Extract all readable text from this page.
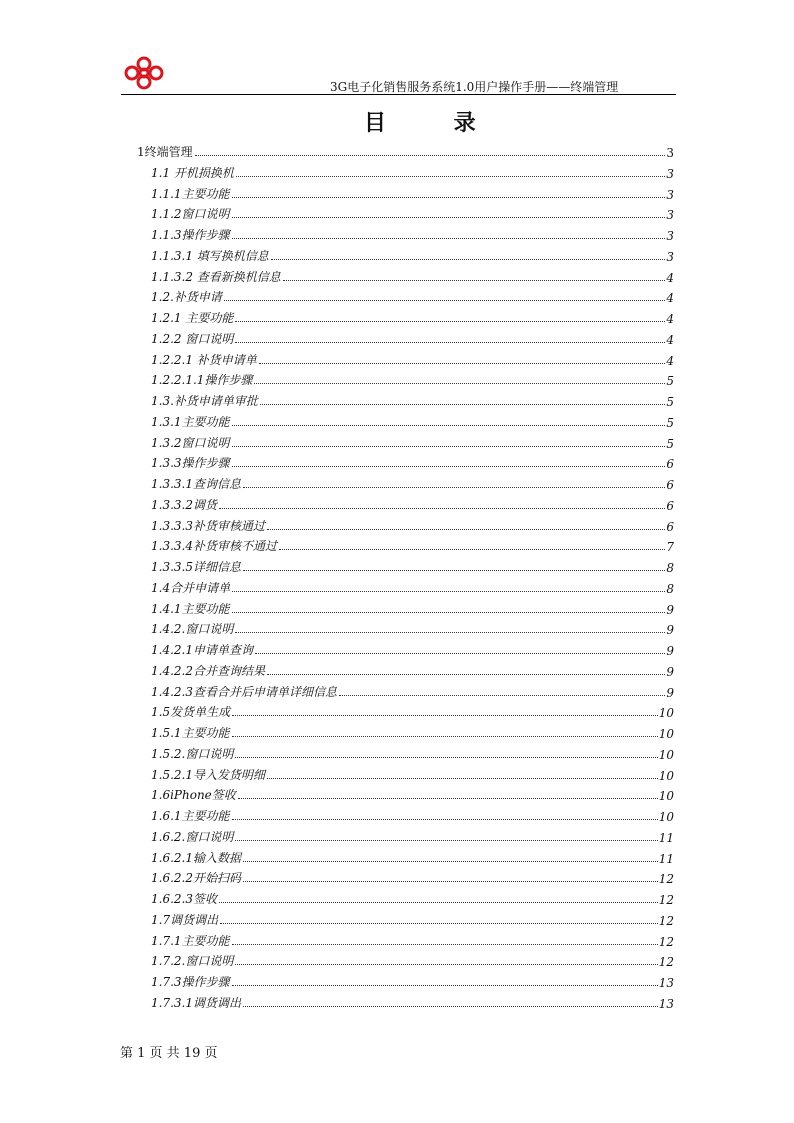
3G电子化销售服务系统1.0用户操作手册——终端管理
目 录
1终端管理	3
1.1 开机损换机	3
1.1.1主要功能	3
1.1.2窗口说明	3
1.1.3操作步骤	3
1.1.3.1 填写换机信息	3
1.1.3.2 查看新换机信息	4
1.2.补货申请	4
1.2.1 主要功能	4
1.2.2 窗口说明	4
1.2.2.1 补货申请单	4
1.2.2.1.1操作步骤	5
1.3.补货申请单审批	5
1.3.1主要功能	5
1.3.2窗口说明	5
1.3.3操作步骤	6
1.3.3.1查询信息	6
1.3.3.2调货	6
1.3.3.3补货审核通过	6
1.3.3.4补货审核不通过	7
1.3.3.5详细信息	8
1.4合并申请单	8
1.4.1主要功能	9
1.4.2.窗口说明	9
1.4.2.1申请单查询	9
1.4.2.2合并查询结果	9
1.4.2.3查看合并后申请单详细信息	9
1.5发货单生成	10
1.5.1主要功能	10
1.5.2.窗口说明	10
1.5.2.1导入发货明细	10
1.6iPhone签收	10
1.6.1主要功能	10
1.6.2.窗口说明	11
1.6.2.1输入数据	11
1.6.2.2开始扫码	12
1.6.2.3签收	12
1.7调货调出	12
1.7.1主要功能	12
1.7.2.窗口说明	12
1.7.3操作步骤	13
1.7.3.1调货调出	13
第 1 页 共 19 页
